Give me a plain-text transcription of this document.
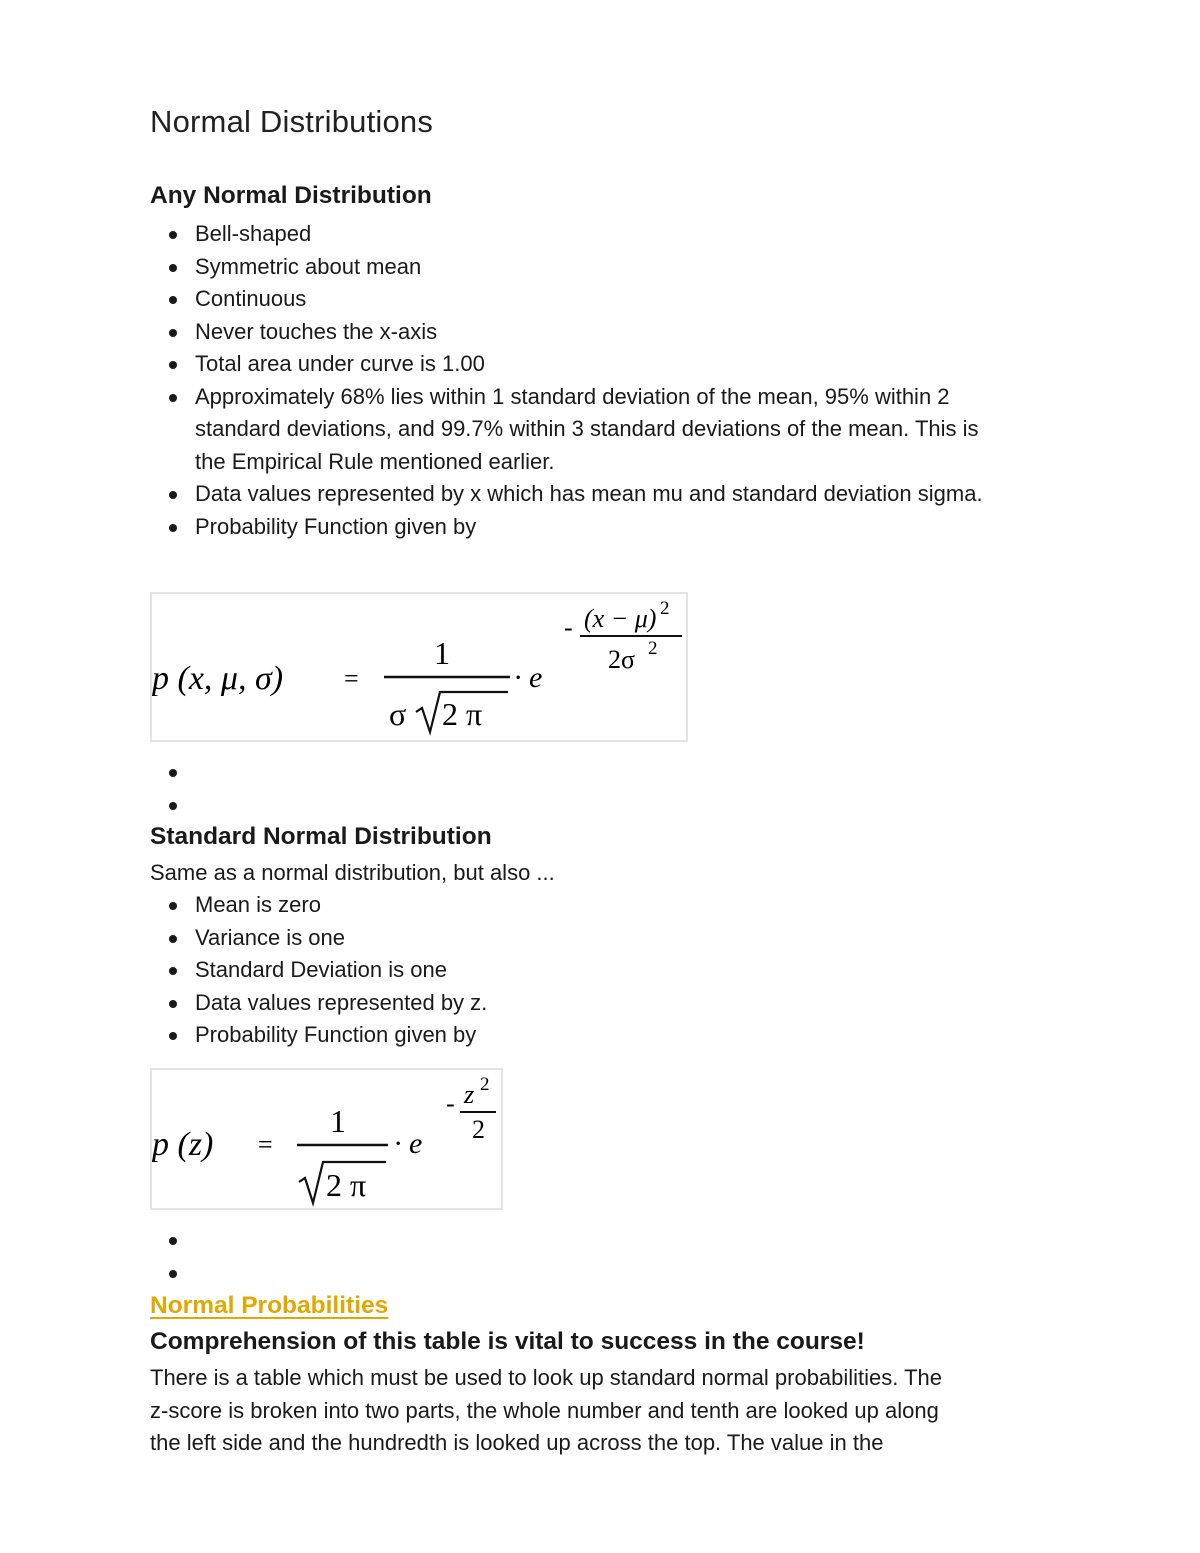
Normal Distributions
Any Normal Distribution
Bell-shaped
Symmetric about mean
Continuous
Never touches the x-axis
Total area under curve is 1.00
Approximately 68% lies within 1 standard deviation of the mean, 95% within 2 standard deviations, and 99.7% within 3 standard deviations of the mean. This is the Empirical Rule mentioned earlier.
Data values represented by x which has mean mu and standard deviation sigma.
Probability Function given by
p (x, μ, σ) =
1
σ 2 π
· e
- (x − μ) 2
2σ 2
Standard Normal Distribution

Same as a normal distribution, but also ...

Mean is zero
Variance is one
Standard Deviation is one
Data values represented by z.
Probability Function given by
p (z) =
1
2 π
· e
- z 2
2
Normal Probabilities
Comprehension of this table is vital to success in the course!
There is a table which must be used to look up standard normal probabilities. The
z-score is broken into two parts, the whole number and tenth are looked up along
the left side and the hundredth is looked up across the top. The value in the
